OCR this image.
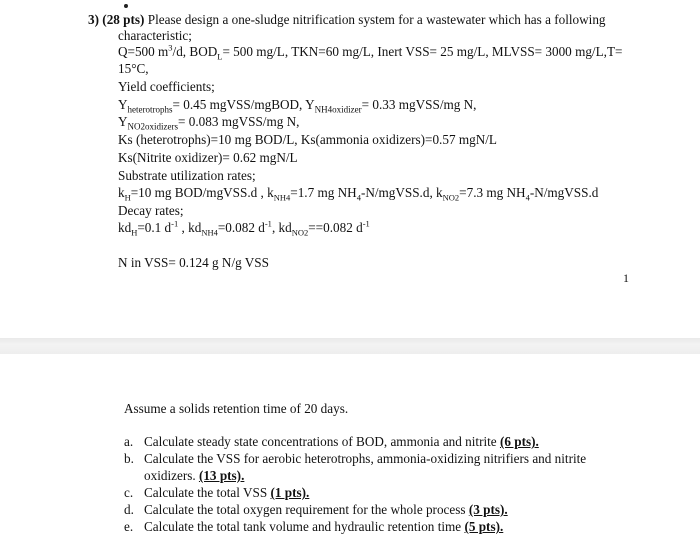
3) (28 pts) Please design a one-sludge nitrification system for a wastewater which has a following
characteristic;
Q=500 $m^3/d$, $BOD_L= 500$ mg/L, TKN=60 mg/L, Inert VSS= 25 mg/L, MLVSS= 3000 mg/L,T=
15°C,
Yield coefficients;
$Y_{heterotrophs}= 0.45$ mgVSS/mgBOD, $Y_{NH4oxidizer}= 0.33$ mgVSS/mg N,
$Y_{NO2oxidizers}= 0.083$ mgVSS/mg N,
Ks (heterotrophs)=10 mg BOD/L, Ks(ammonia oxidizers)=0.57 mgN/L
Ks(Nitrite oxidizer)= 0.62 mgN/L
Substrate utilization rates;
$k_H=10$ mg BOD/mgVSS.d , $k_{NH4}=1.7$ mg $NH_4-N/mgVSS.d$, $k_{NO2}=7.3$ mg $NH_4-N/mgVSS.d$
Decay rates;
$kd_H=0.1$ $d^{-1}$ , $kd_{NH4}=0.082$ $d^{-1}$, $kd_{NO2}==0.082$ $d^{-1}$
N in VSS= 0.124 g N/g VSS
1
Assume a solids retention time of 20 days.
a. Calculate steady state concentrations of BOD, ammonia and nitrite (6 pts).
b. Calculate the VSS for aerobic heterotrophs, ammonia-oxidizing nitrifiers and nitrite
oxidizers. (13 pts).
c. Calculate the total VSS (1 pts).
d. Calculate the total oxygen requirement for the whole process (3 pts).
e. Calculate the total tank volume and hydraulic retention time (5 pts).
